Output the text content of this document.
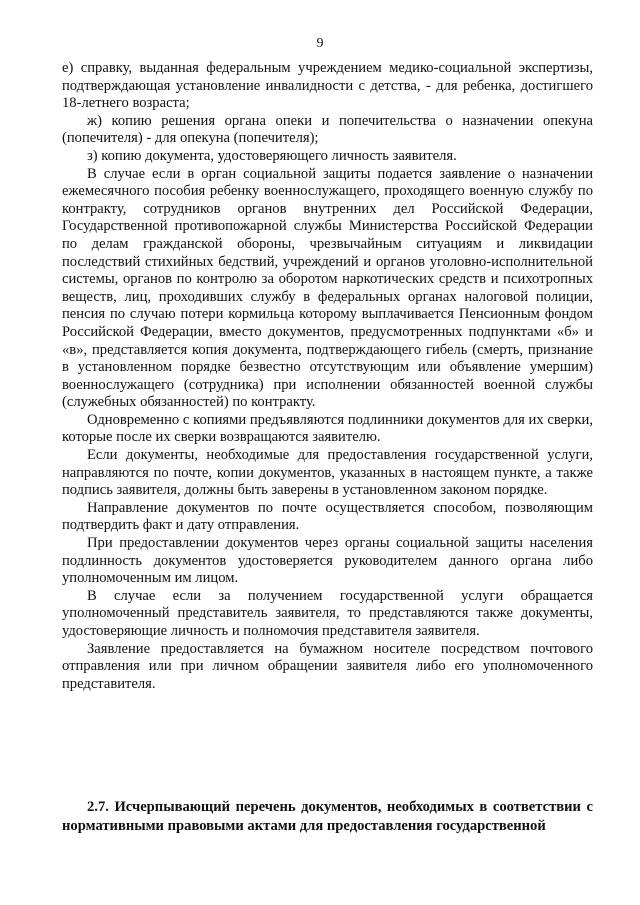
9

е) справку, выданная федеральным учреждением медико-социальной экспертизы, подтверждающая установление инвалидности с детства, - для ребенка, достигшего 18-летнего возраста;

ж) копию решения органа опеки и попечительства о назначении опекуна (попечителя) - для опекуна (попечителя);

з) копию документа, удостоверяющего личность заявителя.

В случае если в орган социальной защиты подается заявление о назначении ежемесячного пособия ребенку военнослужащего, проходящего военную службу по контракту, сотрудников органов внутренних дел Российской Федерации, Государственной противопожарной службы Министерства Российской Федерации по делам гражданской обороны, чрезвычайным ситуациям и ликвидации последствий стихийных бедствий, учреждений и органов уголовно-исполнительной системы, органов по контролю за оборотом наркотических средств и психотропных веществ, лиц, проходивших службу в федеральных органах налоговой полиции, пенсия по случаю потери кормильца которому выплачивается Пенсионным фондом Российской Федерации, вместо документов, предусмотренных подпунктами «б» и «в», представляется копия документа, подтверждающего гибель (смерть, признание в установленном порядке безвестно отсутствующим или объявление умершим) военнослужащего (сотрудника) при исполнении обязанностей военной службы (служебных обязанностей) по контракту.

Одновременно с копиями предъявляются подлинники документов для их сверки, которые после их сверки возвращаются заявителю.

Если документы, необходимые для предоставления государственной услуги, направляются по почте, копии документов, указанных в настоящем пункте, а также подпись заявителя, должны быть заверены в установленном законом порядке.

Направление документов по почте осуществляется способом, позволяющим подтвердить факт и дату отправления.

При предоставлении документов через органы социальной защиты населения подлинность документов удостоверяется руководителем данного органа либо уполномоченным им лицом.

В случае если за получением государственной услуги обращается уполномоченный представитель заявителя, то представляются также документы, удостоверяющие личность и полномочия представителя заявителя.

Заявление предоставляется на бумажном носителе посредством почтового отправления или при личном обращении заявителя либо его уполномоченного представителя.

2.7. Исчерпывающий перечень документов, необходимых в соответствии с нормативными правовыми актами для предоставления государственной
